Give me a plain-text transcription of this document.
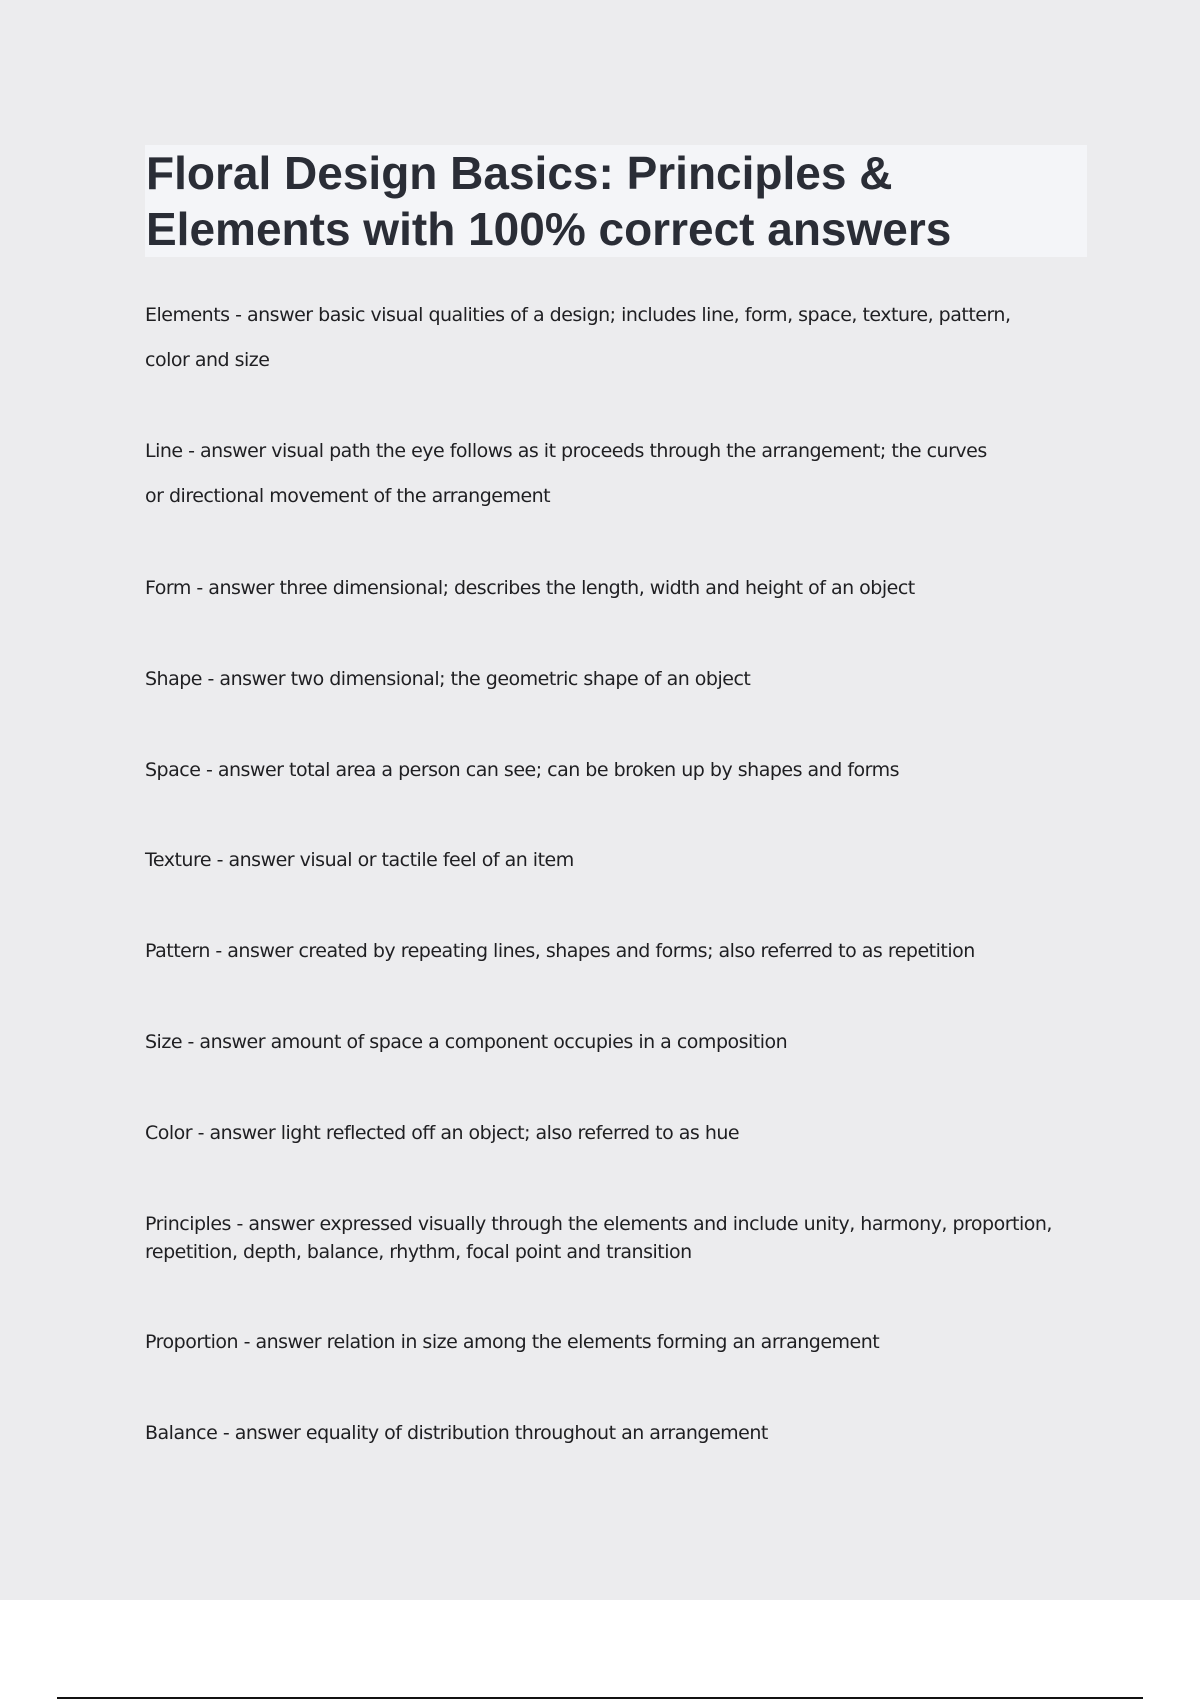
Floral Design Basics: Principles &
Elements with 100% correct answers
Elements - answer basic visual qualities of a design; includes line, form, space, texture, pattern,
color and size
Line - answer visual path the eye follows as it proceeds through the arrangement; the curves
or directional movement of the arrangement
Form - answer three dimensional; describes the length, width and height of an object
Shape - answer two dimensional; the geometric shape of an object
Space - answer total area a person can see; can be broken up by shapes and forms
Texture - answer visual or tactile feel of an item
Pattern - answer created by repeating lines, shapes and forms; also referred to as repetition
Size - answer amount of space a component occupies in a composition
Color - answer light reflected off an object; also referred to as hue
Principles - answer expressed visually through the elements and include unity, harmony, proportion,
repetition, depth, balance, rhythm, focal point and transition
Proportion - answer relation in size among the elements forming an arrangement
Balance - answer equality of distribution throughout an arrangement
